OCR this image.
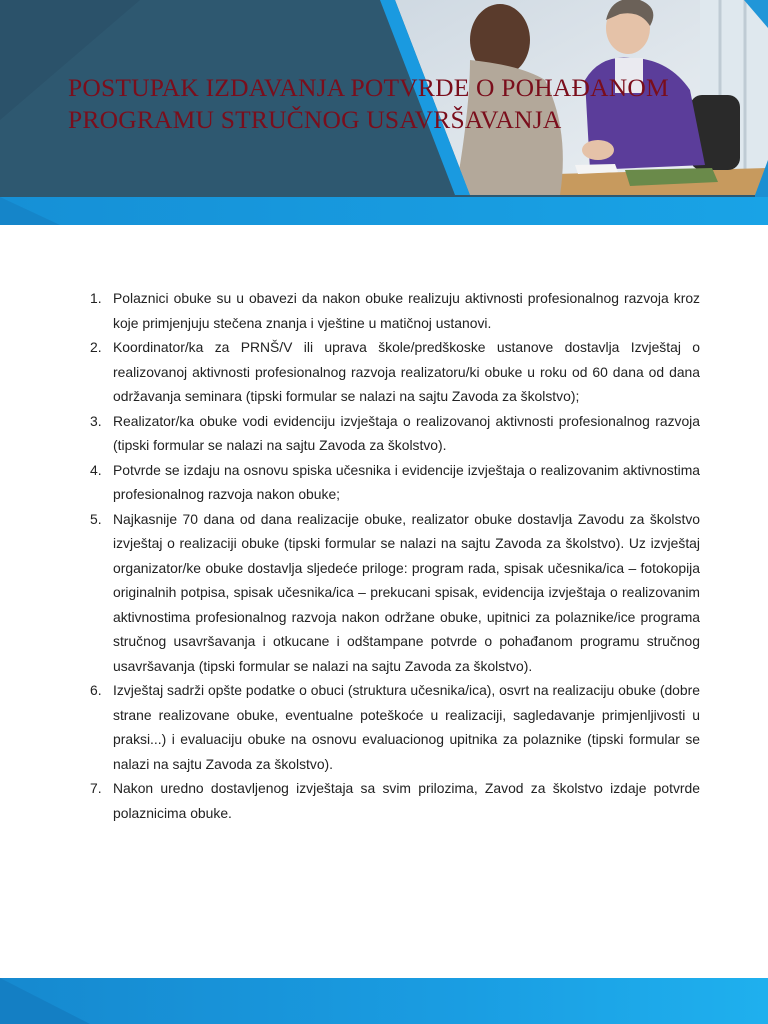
POSTUPAK IZDAVANJA POTVRDE O POHAĐANOM
PROGRAMU STRUČNOG USAVRŠAVANJA
1. Polaznici obuke su u obavezi da nakon obuke realizuju aktivnosti profesionalnog razvoja kroz koje primjenjuju stečena znanja i vještine u matičnoj ustanovi.
2. Koordinator/ka za PRNŠ/V ili uprava škole/predškoske ustanove dostavlja Izvještaj o realizovanoj aktivnosti profesionalnog razvoja realizatoru/ki obuke u roku od 60 dana od dana održavanja seminara (tipski formular se nalazi na sajtu Zavoda za školstvo);
3. Realizator/ka obuke vodi evidenciju izvještaja o realizovanoj aktivnosti profesionalnog razvoja (tipski formular se nalazi na sajtu Zavoda za školstvo).
4. Potvrde se izdaju na osnovu spiska učesnika i evidencije izvještaja o realizovanim aktivnostima profesionalnog razvoja nakon obuke;
5. Najkasnije 70 dana od dana realizacije obuke, realizator obuke dostavlja Zavodu za školstvo izvještaj o realizaciji obuke (tipski formular se nalazi na sajtu Zavoda za školstvo). Uz izvještaj organizator/ke obuke dostavlja sljedeće priloge: program rada, spisak učesnika/ica – fotokopija originalnih potpisa, spisak učesnika/ica – prekucani spisak, evidencija izvještaja o realizovanim aktivnostima profesionalnog razvoja nakon održane obuke, upitnici za polaznike/ice programa stručnog usavršavanja i otkucane i odštampane potvrde o pohađanom programu stručnog usavršavanja (tipski formular se nalazi na sajtu Zavoda za školstvo).
6. Izvještaj sadrži opšte podatke o obuci (struktura učesnika/ica), osvrt na realizaciju obuke (dobre strane realizovane obuke, eventualne poteškoće u realizaciji, sagledavanje primjenljivosti u praksi...) i evaluaciju obuke na osnovu evaluacionog upitnika za polaznike (tipski formular se nalazi na sajtu Zavoda za školstvo).
7. Nakon uredno dostavljenog izvještaja sa svim prilozima, Zavod za školstvo izdaje potvrde polaznicima obuke.
